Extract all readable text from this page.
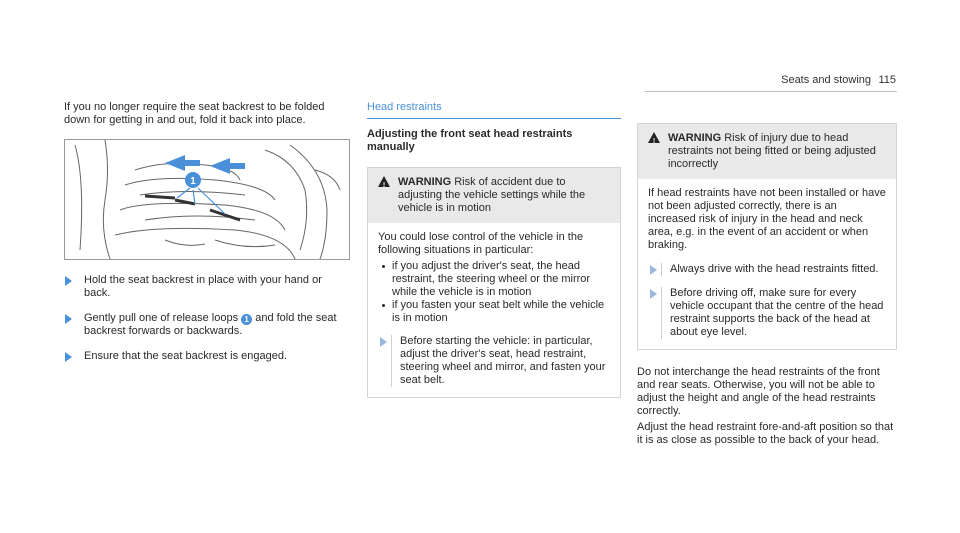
Seats and stowing 115

If you no longer require the seat backrest to be folded down for getting in and out, fold it back into place.

1
Hold the seat backrest in place with your hand or back.
Gently pull one of release loops 1 and fold the seat backrest forwards or backwards.
Ensure that the seat backrest is engaged.
Head restraints
Adjusting the front seat head restraints manually
! WARNING Risk of accident due to adjusting the vehicle settings while the vehicle is in motion

You could lose control of the vehicle in the following situations in particular:

if you adjust the driver's seat, the head restraint, the steering wheel or the mirror while the vehicle is in motion
if you fasten your seat belt while the vehicle is in motion
Before starting the vehicle: in particular, adjust the driver's seat, head restraint, steering wheel and mirror, and fasten your seat belt.
! WARNING Risk of injury due to head restraints not being fitted or being adjusted incorrectly

If head restraints have not been installed or have not been adjusted correctly, there is an increased risk of injury in the head and neck area, e.g. in the event of an accident or when braking.

Always drive with the head restraints fitted.
Before driving off, make sure for every vehicle occupant that the centre of the head restraint supports the back of the head at about eye level.

Do not interchange the head restraints of the front and rear seats. Otherwise, you will not be able to adjust the height and angle of the head restraints correctly.

Adjust the head restraint fore-and-aft position so that it is as close as possible to the back of your head.
